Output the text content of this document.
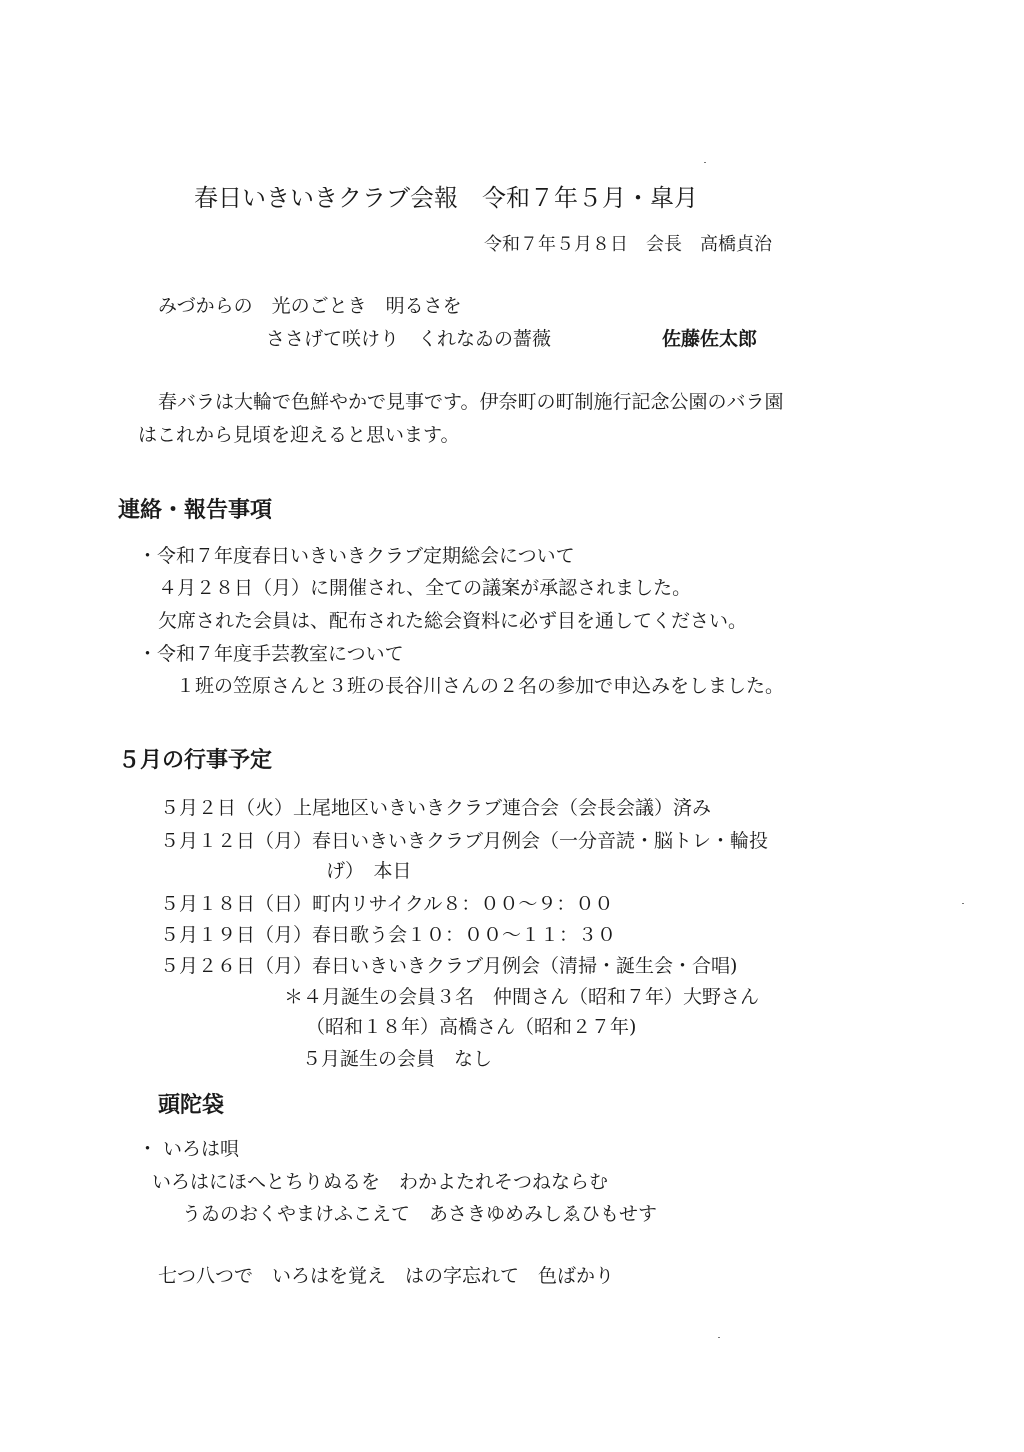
春日いきいきクラブ会報　令和７年５月・皐月
令和７年５月８日　会長　高橋貞治
みづからの　光のごとき　明るさを
ささげて咲けり　くれなゐの薔薇	佐藤佐太郎
春バラは大輪で色鮮やかで見事です。伊奈町の町制施行記念公園のバラ園
はこれから見頃を迎えると思います。
連絡・報告事項
・令和７年度春日いきいきクラブ定期総会について
４月２８日（月）に開催され、全ての議案が承認されました。
欠席された会員は、配布された総会資料に必ず目を通してください。
・令和７年度手芸教室について
１班の笠原さんと３班の長谷川さんの２名の参加で申込みをしました。
５月の行事予定
５月２日（火）上尾地区いきいきクラブ連合会（会長会議）済み
５月１２日（月）春日いきいきクラブ月例会（一分音読・脳トレ・輪投
げ）　本日
５月１８日（日）町内リサイクル８：００～９：００
５月１９日（月）春日歌う会１０：００～１１：３０
５月２６日（月）春日いきいきクラブ月例会（清掃・誕生会・合唱)
＊４月誕生の会員３名　仲間さん（昭和７年）大野さん
（昭和１８年）高橋さん（昭和２７年)
５月誕生の会員　なし
頭陀袋
・ いろは唄
いろはにほへとちりぬるを　わかよたれそつねならむ
うゐのおくやまけふこえて　あさきゆめみしゑひもせす
七つ八つで　いろはを覚え　はの字忘れて　色ばかり
